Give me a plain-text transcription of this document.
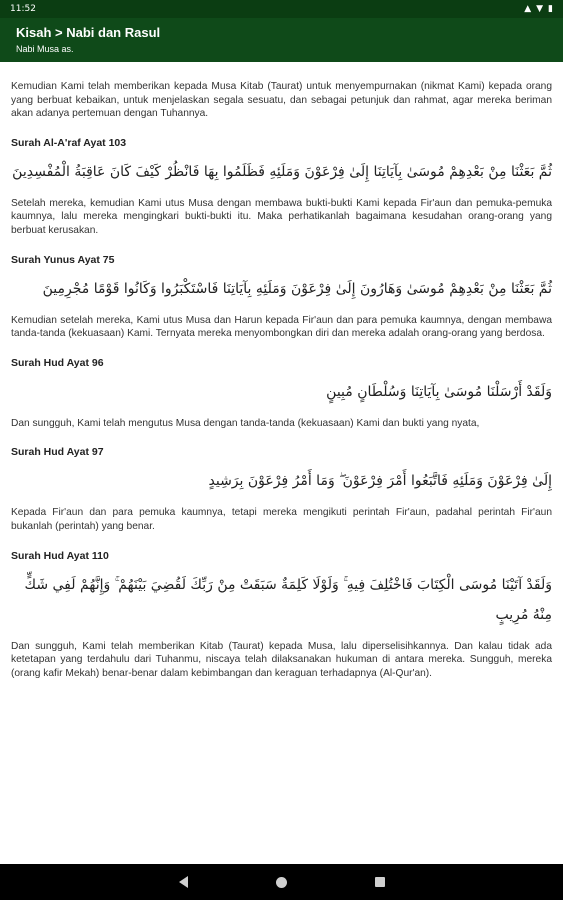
11:52	▲ ▼ ▮
Kisah > Nabi dan Rasul
Nabi Musa as.

Kemudian Kami telah memberikan kepada Musa Kitab (Taurat) untuk menyempurnakan (nikmat Kami) kepada orang yang berbuat kebaikan, untuk menjelaskan segala sesuatu, dan sebagai petunjuk dan rahmat, agar mereka beriman akan adanya pertemuan dengan Tuhannya.

Surah Al-A'raf Ayat 103

ثُمَّ بَعَثْنَا مِنْ بَعْدِهِمْ مُوسَىٰ بِآيَاتِنَا إِلَىٰ فِرْعَوْنَ وَمَلَئِهِ فَظَلَمُوا بِهَا فَانْظُرْ كَيْفَ كَانَ عَاقِبَةُ الْمُفْسِدِينَ

Setelah mereka, kemudian Kami utus Musa dengan membawa bukti-bukti Kami kepada Fir'aun dan pemuka-pemuka kaumnya, lalu mereka mengingkari bukti-bukti itu. Maka perhatikanlah bagaimana kesudahan orang-orang yang berbuat kerusakan.

Surah Yunus Ayat 75

ثُمَّ بَعَثْنَا مِنْ بَعْدِهِمْ مُوسَىٰ وَهَارُونَ إِلَىٰ فِرْعَوْنَ وَمَلَئِهِ بِآيَاتِنَا فَاسْتَكْبَرُوا وَكَانُوا قَوْمًا مُجْرِمِينَ

Kemudian setelah mereka, Kami utus Musa dan Harun kepada Fir'aun dan para pemuka kaumnya, dengan membawa tanda-tanda (kekuasaan) Kami. Ternyata mereka menyombongkan diri dan mereka adalah orang-orang yang berdosa.

Surah Hud Ayat 96

وَلَقَدْ أَرْسَلْنَا مُوسَىٰ بِآيَاتِنَا وَسُلْطَانٍ مُبِينٍ

Dan sungguh, Kami telah mengutus Musa dengan tanda-tanda (kekuasaan) Kami dan bukti yang nyata,

Surah Hud Ayat 97

إِلَىٰ فِرْعَوْنَ وَمَلَئِهِ فَاتَّبَعُوا أَمْرَ فِرْعَوْنَ ۖ وَمَا أَمْرُ فِرْعَوْنَ بِرَشِيدٍ

Kepada Fir'aun dan para pemuka kaumnya, tetapi mereka mengikuti perintah Fir'aun, padahal perintah Fir'aun bukanlah (perintah) yang benar.

Surah Hud Ayat 110

وَلَقَدْ آتَيْنَا مُوسَى الْكِتَابَ فَاخْتُلِفَ فِيهِ ۚ وَلَوْلَا كَلِمَةٌ سَبَقَتْ مِنْ رَبِّكَ لَقُضِيَ بَيْنَهُمْ ۚ وَإِنَّهُمْ لَفِي شَكٍّ مِنْهُ مُرِيبٍ

Dan sungguh, Kami telah memberikan Kitab (Taurat) kepada Musa, lalu diperselisihkannya. Dan kalau tidak ada ketetapan yang terdahulu dari Tuhanmu, niscaya telah dilaksanakan hukuman di antara mereka. Sungguh, mereka (orang kafir Mekah) benar-benar dalam kebimbangan dan keraguan terhadapnya (Al-Qur'an).
